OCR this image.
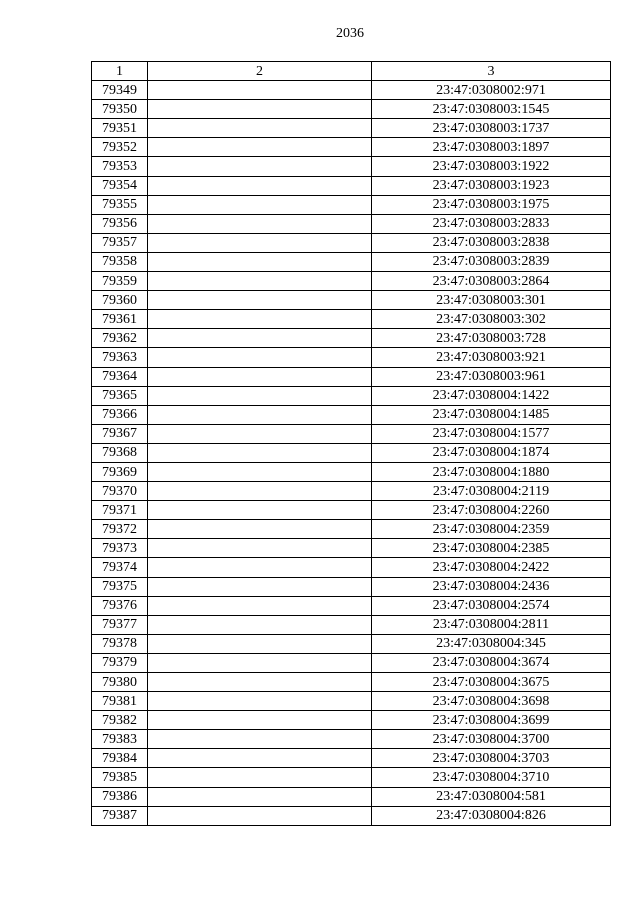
2036
1	2	3
79349		23:47:0308002:971
79350		23:47:0308003:1545
79351		23:47:0308003:1737
79352		23:47:0308003:1897
79353		23:47:0308003:1922
79354		23:47:0308003:1923
79355		23:47:0308003:1975
79356		23:47:0308003:2833
79357		23:47:0308003:2838
79358		23:47:0308003:2839
79359		23:47:0308003:2864
79360		23:47:0308003:301
79361		23:47:0308003:302
79362		23:47:0308003:728
79363		23:47:0308003:921
79364		23:47:0308003:961
79365		23:47:0308004:1422
79366		23:47:0308004:1485
79367		23:47:0308004:1577
79368		23:47:0308004:1874
79369		23:47:0308004:1880
79370		23:47:0308004:2119
79371		23:47:0308004:2260
79372		23:47:0308004:2359
79373		23:47:0308004:2385
79374		23:47:0308004:2422
79375		23:47:0308004:2436
79376		23:47:0308004:2574
79377		23:47:0308004:2811
79378		23:47:0308004:345
79379		23:47:0308004:3674
79380		23:47:0308004:3675
79381		23:47:0308004:3698
79382		23:47:0308004:3699
79383		23:47:0308004:3700
79384		23:47:0308004:3703
79385		23:47:0308004:3710
79386		23:47:0308004:581
79387		23:47:0308004:826
